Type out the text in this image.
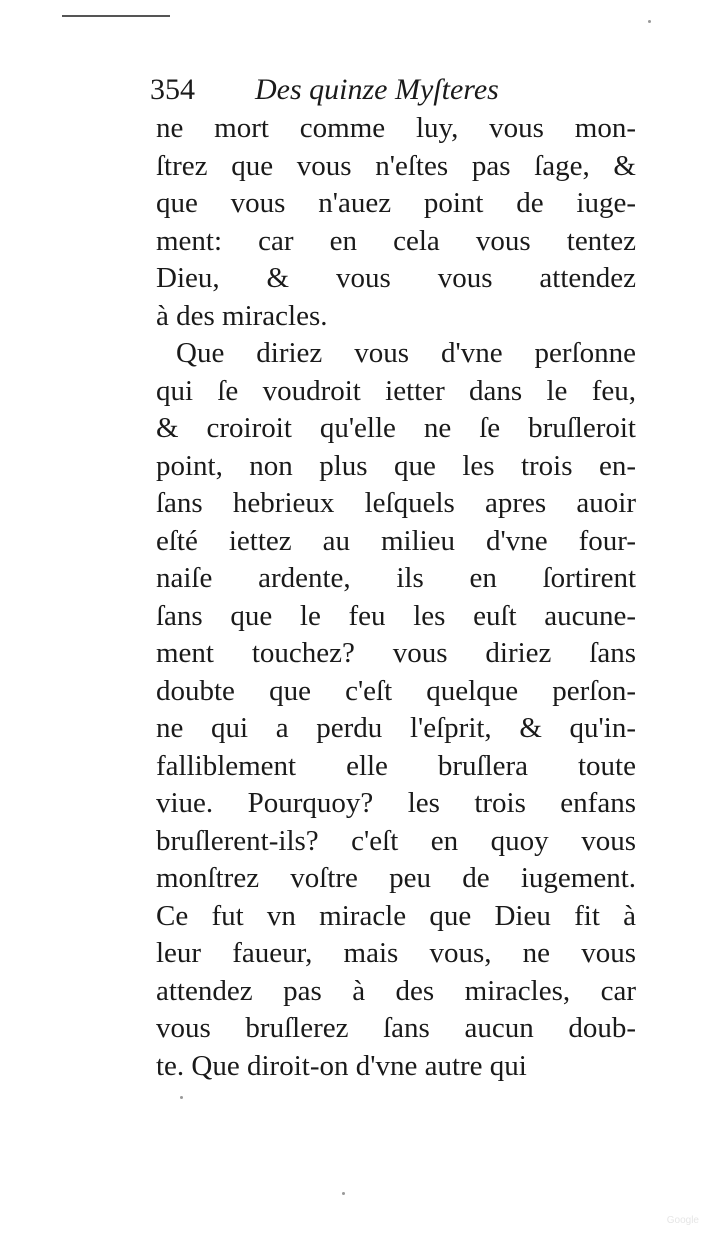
354 Des quinze Myſteres
ne mort comme luy, vous mon-
ſtrez que vous n'eſtes pas ſage, &
que vous n'auez point de iuge-
ment: car en cela vous tentez
Dieu, & vous vous attendez
à des miracles.
Que diriez vous d'vne perſonne
qui ſe voudroit ietter dans le feu,
& croiroit qu'elle ne ſe bruſleroit
point, non plus que les trois en-
ſans hebrieux leſquels apres auoir
eſté iettez au milieu d'vne four-
naiſe ardente, ils en ſortirent
ſans que le feu les euſt aucune-
ment touchez? vous diriez ſans
doubte que c'eſt quelque perſon-
ne qui a perdu l'eſprit, & qu'in-
falliblement elle bruſlera toute
viue. Pourquoy? les trois enfans
bruſlerent-ils? c'eſt en quoy vous
monſtrez voſtre peu de iugement.
Ce fut vn miracle que Dieu fit à
leur faueur, mais vous, ne vous
attendez pas à des miracles, car
vous bruſlerez ſans aucun doub-
te. Que diroit-on d'vne autre qui
Google
